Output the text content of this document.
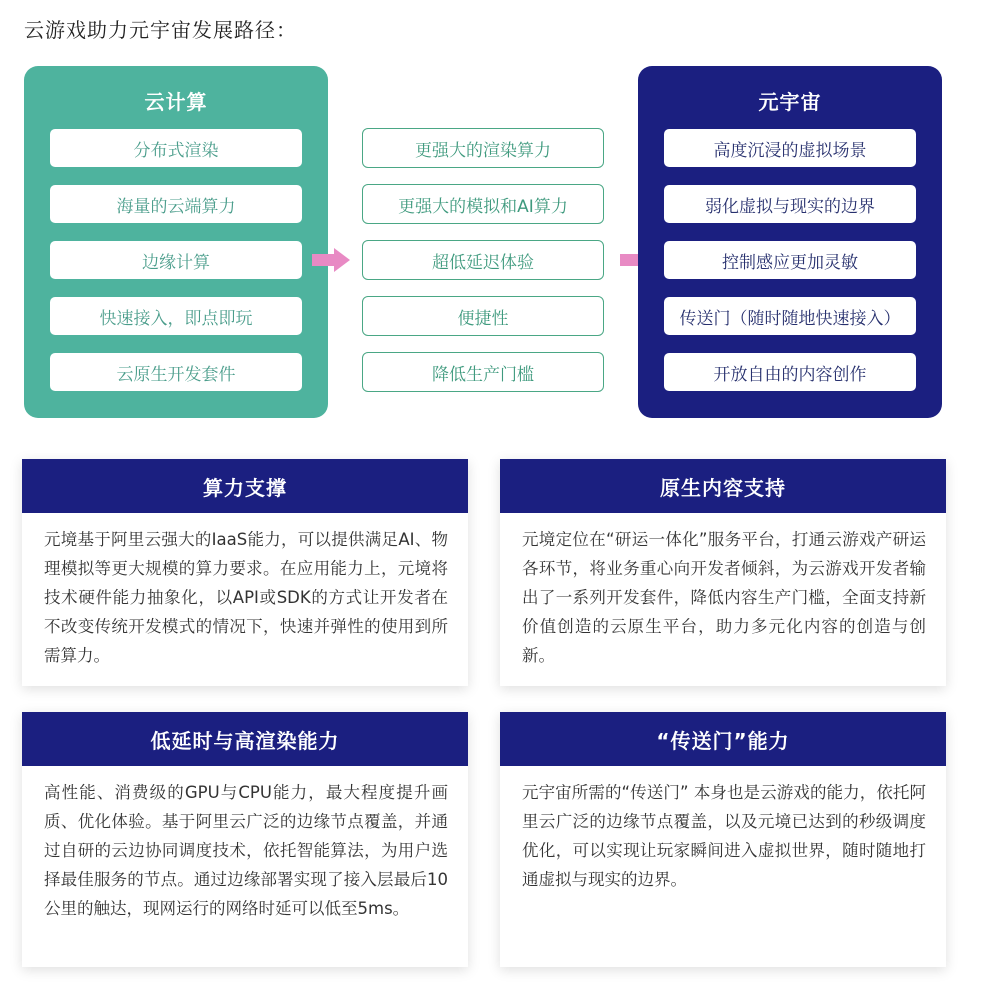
云游戏助力元宇宙发展路径：
云计算
分布式渲染
海量的云端算力
边缘计算
快速接入，即点即玩
云原生开发套件
更强大的渲染算力
更强大的模拟和AI算力
超低延迟体验
便捷性
降低生产门槛
元宇宙
高度沉浸的虚拟场景
弱化虚拟与现实的边界
控制感应更加灵敏
传送门（随时随地快速接入）
开放自由的内容创作
算力支撑
元境基于阿里云强大的IaaS能力，可以提供满足AI、物理模拟等更大规模的算力要求。在应用能力上，元境将技术硬件能力抽象化，以API或SDK的方式让开发者在不改变传统开发模式的情况下，快速并弹性的使用到所需算力。
原生内容支持
元境定位在“研运一体化”服务平台，打通云游戏产研运各环节，将业务重心向开发者倾斜，为云游戏开发者输出了一系列开发套件，降低内容生产门槛，全面支持新价值创造的云原生平台，助力多元化内容的创造与创新。
低延时与高渲染能力
高性能、消费级的GPU与CPU能力，最大程度提升画质、优化体验。基于阿里云广泛的边缘节点覆盖，并通过自研的云边协同调度技术，依托智能算法，为用户选择最佳服务的节点。通过边缘部署实现了接入层最后10公里的触达，现网运行的网络时延可以低至5ms。
“传送门”能力
元宇宙所需的“传送门” 本身也是云游戏的能力，依托阿里云广泛的边缘节点覆盖，以及元境已达到的秒级调度优化，可以实现让玩家瞬间进入虚拟世界，随时随地打通虚拟与现实的边界。
